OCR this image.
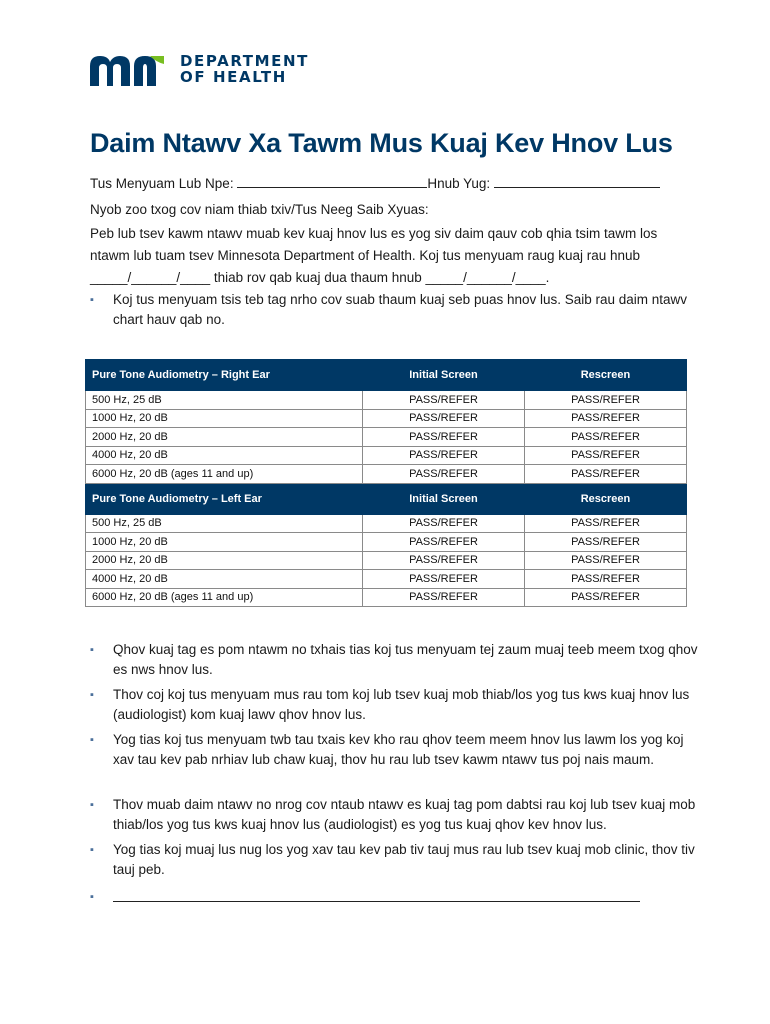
DEPARTMENT
OF HEALTH
Daim Ntawv Xa Tawm Mus Kuaj Kev Hnov Lus
Tus Menyuam Lub Npe:	Hnub Yug:
Nyob zoo txog cov niam thiab txiv/Tus Neeg Saib Xyuas:
Peb lub tsev kawm ntawv muab kev kuaj hnov lus es yog siv daim qauv cob qhia tsim tawm los
ntawm lub tuam tsev Minnesota Department of Health. Koj tus menyuam raug kuaj rau hnub
_____/______/____ thiab rov qab kuaj dua thaum hnub _____/______/____.
▪ Koj tus menyuam tsis teb tag nrho cov suab thaum kuaj seb puas hnov lus. Saib rau daim ntawv chart hauv qab no.
Pure Tone Audiometry – Right Ear	Initial Screen	Rescreen
500 Hz, 25 dB	PASS/REFER	PASS/REFER
1000 Hz, 20 dB	PASS/REFER	PASS/REFER
2000 Hz, 20 dB	PASS/REFER	PASS/REFER
4000 Hz, 20 dB	PASS/REFER	PASS/REFER
6000 Hz, 20 dB (ages 11 and up)	PASS/REFER	PASS/REFER
Pure Tone Audiometry – Left Ear	Initial Screen	Rescreen
500 Hz, 25 dB	PASS/REFER	PASS/REFER
1000 Hz, 20 dB	PASS/REFER	PASS/REFER
2000 Hz, 20 dB	PASS/REFER	PASS/REFER
4000 Hz, 20 dB	PASS/REFER	PASS/REFER
6000 Hz, 20 dB (ages 11 and up)	PASS/REFER	PASS/REFER
▪ Qhov kuaj tag es pom ntawm no txhais tias koj tus menyuam tej zaum muaj teeb meem txog qhov es nws hnov lus.
▪ Thov coj koj tus menyuam mus rau tom koj lub tsev kuaj mob thiab/los yog tus kws kuaj hnov lus (audiologist) kom kuaj lawv qhov hnov lus.
▪ Yog tias koj tus menyuam twb tau txais kev kho rau qhov teem meem hnov lus lawm los yog koj xav tau kev pab nrhiav lub chaw kuaj, thov hu rau lub tsev kawm ntawv tus poj nais maum.
▪ Thov muab daim ntawv no nrog cov ntaub ntawv es kuaj tag pom dabtsi rau koj lub tsev kuaj mob thiab/los yog tus kws kuaj hnov lus (audiologist) es yog tus kuaj qhov kev hnov lus.
▪ Yog tias koj muaj lus nug los yog xav tau kev pab tiv tauj mus rau lub tsev kuaj mob clinic, thov tiv tauj peb.
▪
